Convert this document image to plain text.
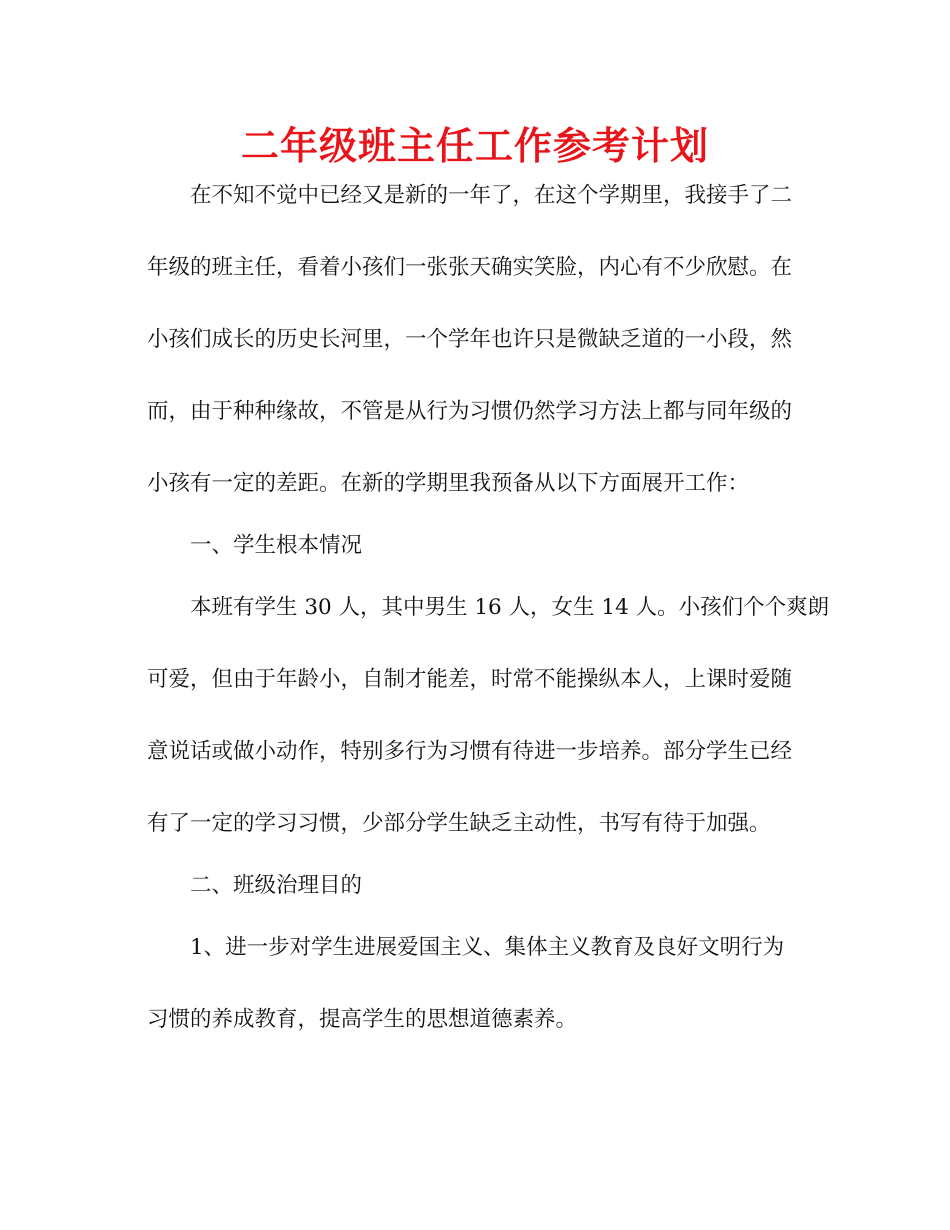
二年级班主任工作参考计划

在不知不觉中已经又是新的一年了，在这个学期里，我接手了二

年级的班主任，看着小孩们一张张天确实笑脸，内心有不少欣慰。在

小孩们成长的历史长河里，一个学年也许只是微缺乏道的一小段，然

而，由于种种缘故，不管是从行为习惯仍然学习方法上都与同年级的

小孩有一定的差距。在新的学期里我预备从以下方面展开工作：

一、学生根本情况

本班有学生 30 人，其中男生 16 人，女生 14 人。小孩们个个爽朗

可爱，但由于年龄小，自制才能差，时常不能操纵本人，上课时爱随

意说话或做小动作，特别多行为习惯有待进一步培养。部分学生已经

有了一定的学习习惯，少部分学生缺乏主动性，书写有待于加强。

二、班级治理目的

1、进一步对学生进展爱国主义、集体主义教育及良好文明行为

习惯的养成教育，提高学生的思想道德素养。
